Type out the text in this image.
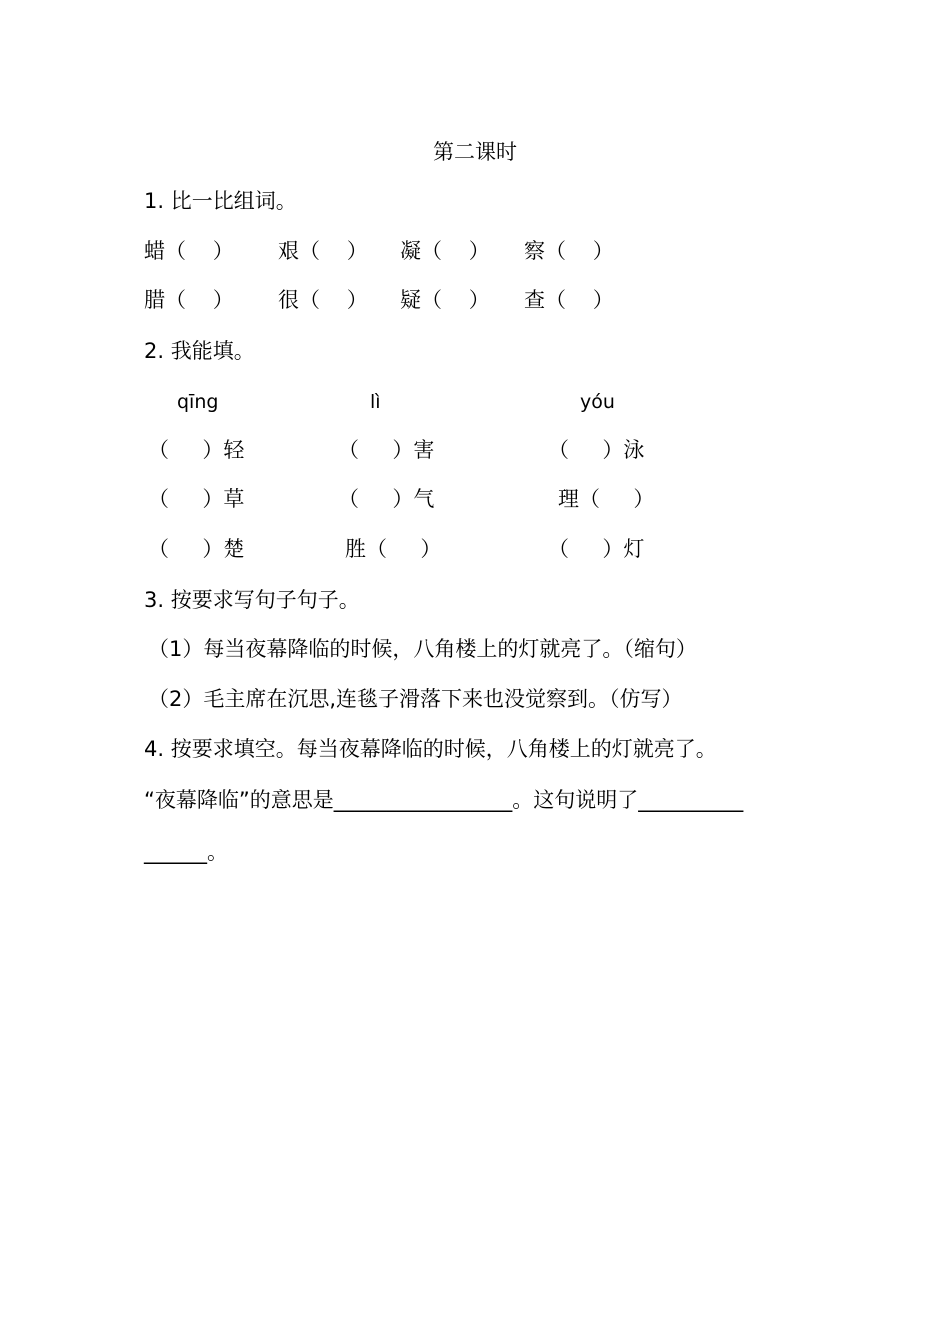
第二课时
1. 比一比组词。
蜡（    ） 艰（    ） 凝（    ） 察（    ）
腊（    ） 很（    ） 疑（    ） 查（    ）
2. 我能填。
qīng	lì	yóu
（     ）轻	（     ）害	（     ）泳
（     ）草	（     ）气	理（     ）
（     ）楚	胜（     ）	（     ）灯
3. 按要求写句子句子。
（1）每当夜幕降临的时候，八角楼上的灯就亮了。（缩句）
（2）毛主席在沉思,连毯子滑落下来也没觉察到。（仿写）
4. 按要求填空。每当夜幕降临的时候，八角楼上的灯就亮了。
“夜幕降临”的意思是_________________。这句说明了__________
______。
